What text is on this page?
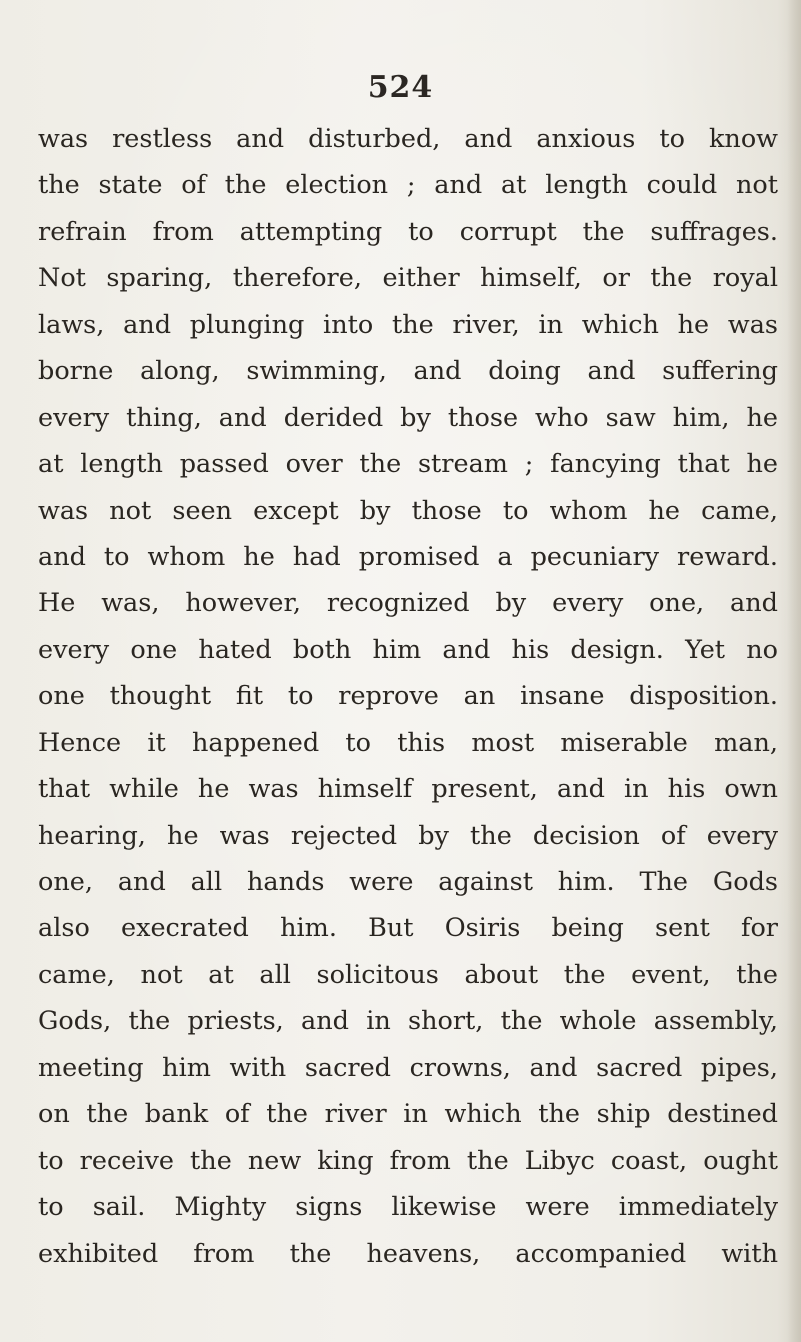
524
was restless and disturbed, and anxious to know
the state of the election ; and at length could not
refrain from attempting to corrupt the suffrages.
Not sparing, therefore, either himself, or the royal
laws, and plunging into the river, in which he was
borne along, swimming, and doing and suffering
every thing, and derided by those who saw him, he
at length passed over the stream ; fancying that he
was not seen except by those to whom he came,
and to whom he had promised a pecuniary reward.
He was, however, recognized by every one, and
every one hated both him and his design. Yet no
one thought fit to reprove an insane disposition.
Hence it happened to this most miserable man,
that while he was himself present, and in his own
hearing, he was rejected by the decision of every
one, and all hands were against him. The Gods
also execrated him. But Osiris being sent for
came, not at all solicitous about the event, the
Gods, the priests, and in short, the whole assembly,
meeting him with sacred crowns, and sacred pipes,
on the bank of the river in which the ship destined
to receive the new king from the Libyc coast, ought
to sail. Mighty signs likewise were immediately
exhibited from the heavens, accompanied with
